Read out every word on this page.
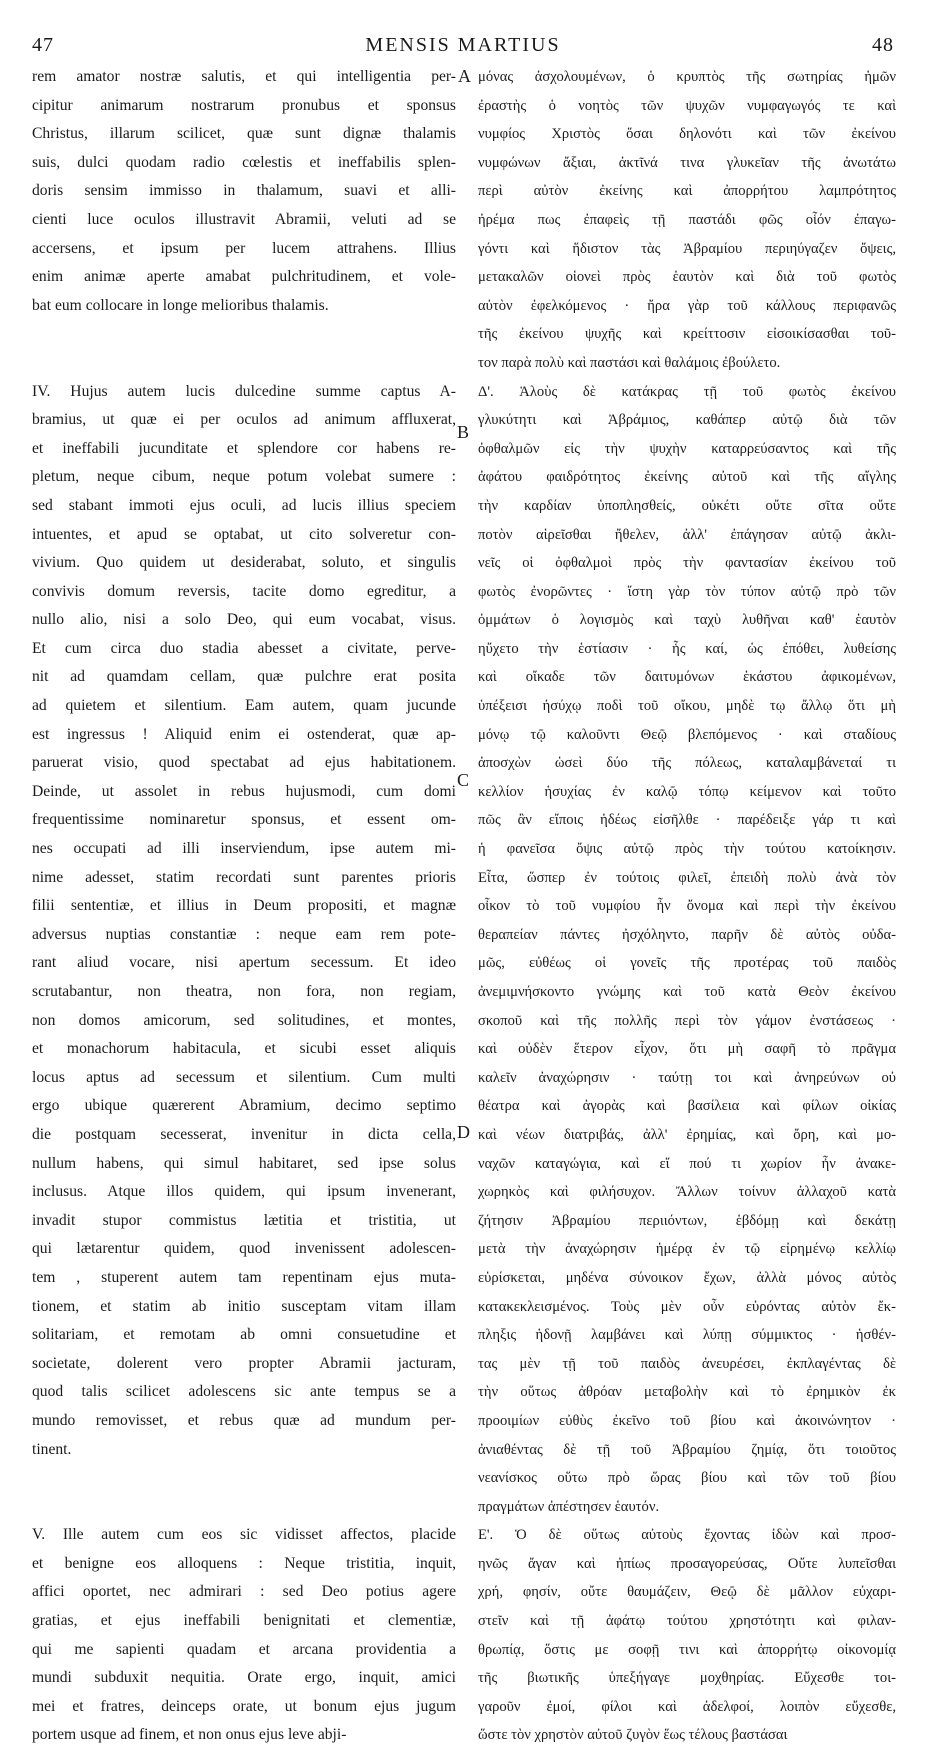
47	MENSIS MARTIUS	48
rem amator nostræ salutis, et qui intelligentia per-
cipitur animarum nostrarum pronubus et sponsus
Christus, illarum scilicet, quæ sunt dignæ thalamis
suis, dulci quodam radio cœlestis et ineffabilis splen-
doris sensim immisso in thalamum, suavi et alli-
cienti luce oculos illustravit Abramii, veluti ad se
accersens, et ipsum per lucem attrahens. Illius
enim animæ aperte amabat pulchritudinem, et vole-
bat eum collocare in longe melioribus thalamis.
IV. Hujus autem lucis dulcedine summe captus A-
bramius, ut quæ ei per oculos ad animum affluxerat,
et ineffabili jucunditate et splendore cor habens re-
pletum, neque cibum, neque potum volebat sumere :
sed stabant immoti ejus oculi, ad lucis illius speciem
intuentes, et apud se optabat, ut cito solveretur con-
vivium. Quo quidem ut desiderabat, soluto, et singulis
convivis domum reversis, tacite domo egreditur, a
nullo alio, nisi a solo Deo, qui eum vocabat, visus.
Et cum circa duo stadia abesset a civitate, perve-
nit ad quamdam cellam, quæ pulchre erat posita
ad quietem et silentium. Eam autem, quam jucunde
est ingressus ! Aliquid enim ei ostenderat, quæ ap-
paruerat visio, quod spectabat ad ejus habitationem.
Deinde, ut assolet in rebus hujusmodi, cum domi
frequentissime nominaretur sponsus, et essent om-
nes occupati ad illi inserviendum, ipse autem mi-
nime adesset, statim recordati sunt parentes prioris
filii sententiæ, et illius in Deum propositi, et magnæ
adversus nuptias constantiæ : neque eam rem pote-
rant aliud vocare, nisi apertum secessum. Et ideo
scrutabantur, non theatra, non fora, non regiam,
non domos amicorum, sed solitudines, et montes,
et monachorum habitacula, et sicubi esset aliquis
locus aptus ad secessum et silentium. Cum multi
ergo ubique quærerent Abramium, decimo septimo
die postquam secesserat, invenitur in dicta cella,
nullum habens, qui simul habitaret, sed ipse solus
inclusus. Atque illos quidem, qui ipsum invenerant,
invadit stupor commistus lætitia et tristitia, ut
qui lætarentur quidem, quod invenissent adolescen-
tem , stuperent autem tam repentinam ejus muta-
tionem, et statim ab initio susceptam vitam illam
solitariam, et remotam ab omni consuetudine et
societate, dolerent vero propter Abramii jacturam,
quod talis scilicet adolescens sic ante tempus se a
mundo removisset, et rebus quæ ad mundum per-
tinent.
V. Ille autem cum eos sic vidisset affectos, placide
et benigne eos alloquens : Neque tristitia, inquit,
affici oportet, nec admirari : sed Deo potius agere
gratias, et ejus ineffabili benignitati et clementiæ,
qui me sapienti quadam et arcana providentia a
mundi subduxit nequitia. Orate ergo, inquit, amici
mei et fratres, deinceps orate, ut bonum ejus jugum
portem usque ad finem, et non onus ejus leve abji-
μόνας ἀσχολουμένων, ὁ κρυπτὸς τῆς σωτηρίας ἡμῶν
ἐραστὴς ὁ νοητὸς τῶν ψυχῶν νυμφαγωγός τε καὶ
νυμφίος Χριστὸς ὅσαι δηλονότι καὶ τῶν ἐκείνου
νυμφώνων ἄξιαι, ἀκτῖνά τινα γλυκεῖαν τῆς ἀνωτάτω
περὶ αὐτὸν ἐκείνης καὶ ἀπορρήτου λαμπρότητος
ἠρέμα πως ἐπαφεὶς τῇ παστάδι φῶς οἷόν ἐπαγω-
γόντι καὶ ἥδιστον τὰς Ἀβραμίου περιηύγαζεν ὄψεις,
μετακαλῶν οἱονεὶ πρὸς ἑαυτὸν καὶ διὰ τοῦ φωτὸς
αὐτὸν ἐφελκόμενος · ἤρα γὰρ τοῦ κάλλους περιφανῶς
τῆς ἐκείνου ψυχῆς καὶ κρείττοσιν εἰσοικίσασθαι τοῦ-
τον παρὰ πολὺ καὶ παστάσι καὶ θαλάμοις ἐβούλετο.
Δ'. Ἁλοὺς δὲ κατάκρας τῇ τοῦ φωτὸς ἐκείνου
γλυκύτητι καὶ Ἀβράμιος, καθάπερ αὐτῷ διὰ τῶν
ὀφθαλμῶν εἰς τὴν ψυχὴν καταρρεύσαντος καὶ τῆς
ἀφάτου φαιδρότητος ἐκείνης αὐτοῦ καὶ τῆς αἴγλης
τὴν καρδίαν ὑποπλησθείς, οὐκέτι οὔτε σῖτα οὔτε
ποτὸν αἱρεῖσθαι ἤθελεν, ἀλλ' ἐπάγησαν αὐτῷ ἀκλι-
νεῖς οἱ ὀφθαλμοὶ πρὸς τὴν φαντασίαν ἐκείνου τοῦ
φωτὸς ἐνορῶντες · ἵστη γὰρ τὸν τύπον αὐτῷ πρὸ τῶν
ὀμμάτων ὁ λογισμὸς καὶ ταχὺ λυθῆναι καθ' ἑαυτὸν
ηὔχετο τὴν ἑστίασιν · ἧς καί, ὡς ἐπόθει, λυθείσης
καὶ οἴκαδε τῶν δαιτυμόνων ἑκάστου ἀφικομένων,
ὑπέξεισι ἡσύχῳ ποδὶ τοῦ οἴκου, μηδὲ τῳ ἄλλῳ ὅτι μὴ
μόνῳ τῷ καλοῦντι Θεῷ βλεπόμενος · καὶ σταδίους
ἀποσχὼν ὡσεὶ δύο τῆς πόλεως, καταλαμβάνεταί τι
κελλίον ἡσυχίας ἐν καλῷ τόπῳ κείμενον καὶ τοῦτο
πῶς ἂν εἴποις ἡδέως εἰσῆλθε · παρέδειξε γάρ τι καὶ
ἡ φανεῖσα ὄψις αὐτῷ πρὸς τὴν τούτου κατοίκησιν.
Εἶτα, ὥσπερ ἐν τούτοις φιλεῖ, ἐπειδὴ πολὺ ἀνὰ τὸν
οἶκον τὸ τοῦ νυμφίου ἦν ὄνομα καὶ περὶ τὴν ἐκείνου
θεραπείαν πάντες ἠσχόληντο, παρῆν δὲ αὐτὸς οὐδα-
μῶς, εὐθέως οἱ γονεῖς τῆς προτέρας τοῦ παιδὸς
ἀνεμιμνήσκοντο γνώμης καὶ τοῦ κατὰ Θεὸν ἐκείνου
σκοποῦ καὶ τῆς πολλῆς περὶ τὸν γάμον ἐνστάσεως ·
καὶ οὐδὲν ἕτερον εἶχον, ὅτι μὴ σαφῆ τὸ πρᾶγμα
καλεῖν ἀναχώρησιν · ταύτῃ τοι καὶ ἀνηρεύνων οὐ
θέατρα καὶ ἀγορὰς καὶ βασίλεια καὶ φίλων οἰκίας
καὶ νέων διατριβάς, ἀλλ' ἐρημίας, καὶ ὄρη, καὶ μο-
ναχῶν καταγώγια, καὶ εἴ πού τι χωρίον ἦν ἀνακε-
χωρηκὸς καὶ φιλήσυχον. Ἄλλων τοίνυν ἀλλαχοῦ κατὰ
ζήτησιν Ἀβραμίου περιιόντων, ἑβδόμῃ καὶ δεκάτῃ
μετὰ τὴν ἀναχώρησιν ἡμέρᾳ ἐν τῷ εἰρημένῳ κελλίῳ
εὑρίσκεται, μηδένα σύνοικον ἔχων, ἀλλὰ μόνος αὐτὸς
κατακεκλεισμένος. Τοὺς μὲν οὖν εὑρόντας αὐτὸν ἔκ-
πληξις ἡδονῇ λαμβάνει καὶ λύπῃ σύμμικτος · ἡσθέν-
τας μὲν τῇ τοῦ παιδὸς ἀνευρέσει, ἐκπλαγέντας δὲ
τὴν οὕτως ἀθρόαν μεταβολὴν καὶ τὸ ἐρημικὸν ἐκ
προοιμίων εὐθὺς ἐκεῖνο τοῦ βίου καὶ ἀκοινώνητον ·
ἀνιαθέντας δὲ τῇ τοῦ Ἀβραμίου ζημίᾳ, ὅτι τοιοῦτος
νεανίσκος οὕτω πρὸ ὥρας βίου καὶ τῶν τοῦ βίου
πραγμάτων ἀπέστησεν ἑαυτόν.
Ε'. Ὁ δὲ οὕτως αὐτοὺς ἔχοντας ἰδὼν καὶ προσ-
ηνῶς ἄγαν καὶ ἠπίως προσαγορεύσας, Οὔτε λυπεῖσθαι
χρή, φησίν, οὔτε θαυμάζειν, Θεῷ δὲ μᾶλλον εὐχαρι-
στεῖν καὶ τῇ ἀφάτῳ τούτου χρηστότητι καὶ φιλαν-
θρωπίᾳ, ὅστις με σοφῇ τινι καὶ ἀπορρήτῳ οἰκονομίᾳ
τῆς βιωτικῆς ὑπεξήγαγε μοχθηρίας. Εὔχεσθε τοι-
γαροῦν ἐμοί, φίλοι καὶ ἀδελφοί, λοιπὸν εὔχεσθε,
ὥστε τὸν χρηστὸν αὐτοῦ ζυγὸν ἕως τέλους βαστάσαι
A
B
C
D
